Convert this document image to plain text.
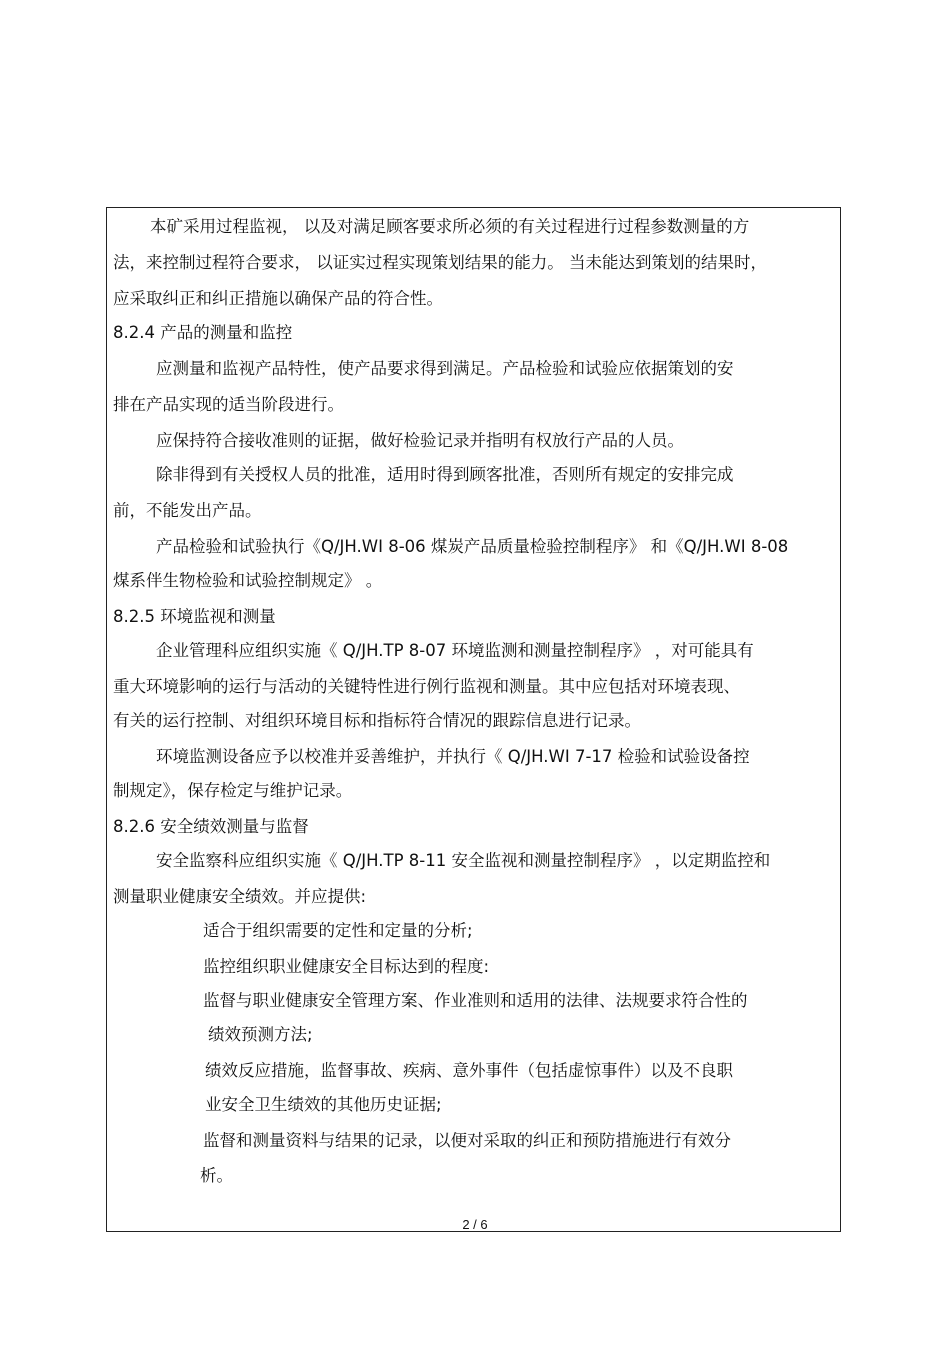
本矿采用过程监视， 以及对满足顾客要求所必须的有关过程进行过程参数测量的方
法，来控制过程符合要求， 以证实过程实现策划结果的能力。 当未能达到策划的结果时，
应采取纠正和纠正措施以确保产品的符合性。
8.2.4 产品的测量和监控
应测量和监视产品特性，使产品要求得到满足。产品检验和试验应依据策划的安
排在产品实现的适当阶段进行。
应保持符合接收准则的证据，做好检验记录并指明有权放行产品的人员。
除非得到有关授权人员的批准，适用时得到顾客批准，否则所有规定的安排完成
前，不能发出产品。
产品检验和试验执行《Q/JH.WI 8-06 煤炭产品质量检验控制程序》 和《Q/JH.WI 8-08
煤系伴生物检验和试验控制规定》 。
8.2.5 环境监视和测量
企业管理科应组织实施《 Q/JH.TP 8-07 环境监测和测量控制程序》 ，对可能具有
重大环境影响的运行与活动的关键特性进行例行监视和测量。其中应包括对环境表现、
有关的运行控制、对组织环境目标和指标符合情况的跟踪信息进行记录。
环境监测设备应予以校准并妥善维护，并执行《 Q/JH.WI 7-17 检验和试验设备控
制规定》，保存检定与维护记录。
8.2.6 安全绩效测量与监督
安全监察科应组织实施《 Q/JH.TP 8-11 安全监视和测量控制程序》 ，以定期监控和
测量职业健康安全绩效。并应提供:
适合于组织需要的定性和定量的分析;
监控组织职业健康安全目标达到的程度:
监督与职业健康安全管理方案、作业准则和适用的法律、法规要求符合性的
绩效预测方法;
绩效反应措施，监督事故、疾病、意外事件（包括虚惊事件）以及不良职
业安全卫生绩效的其他历史证据;
监督和测量资料与结果的记录，以便对采取的纠正和预防措施进行有效分
析。
2 / 6
